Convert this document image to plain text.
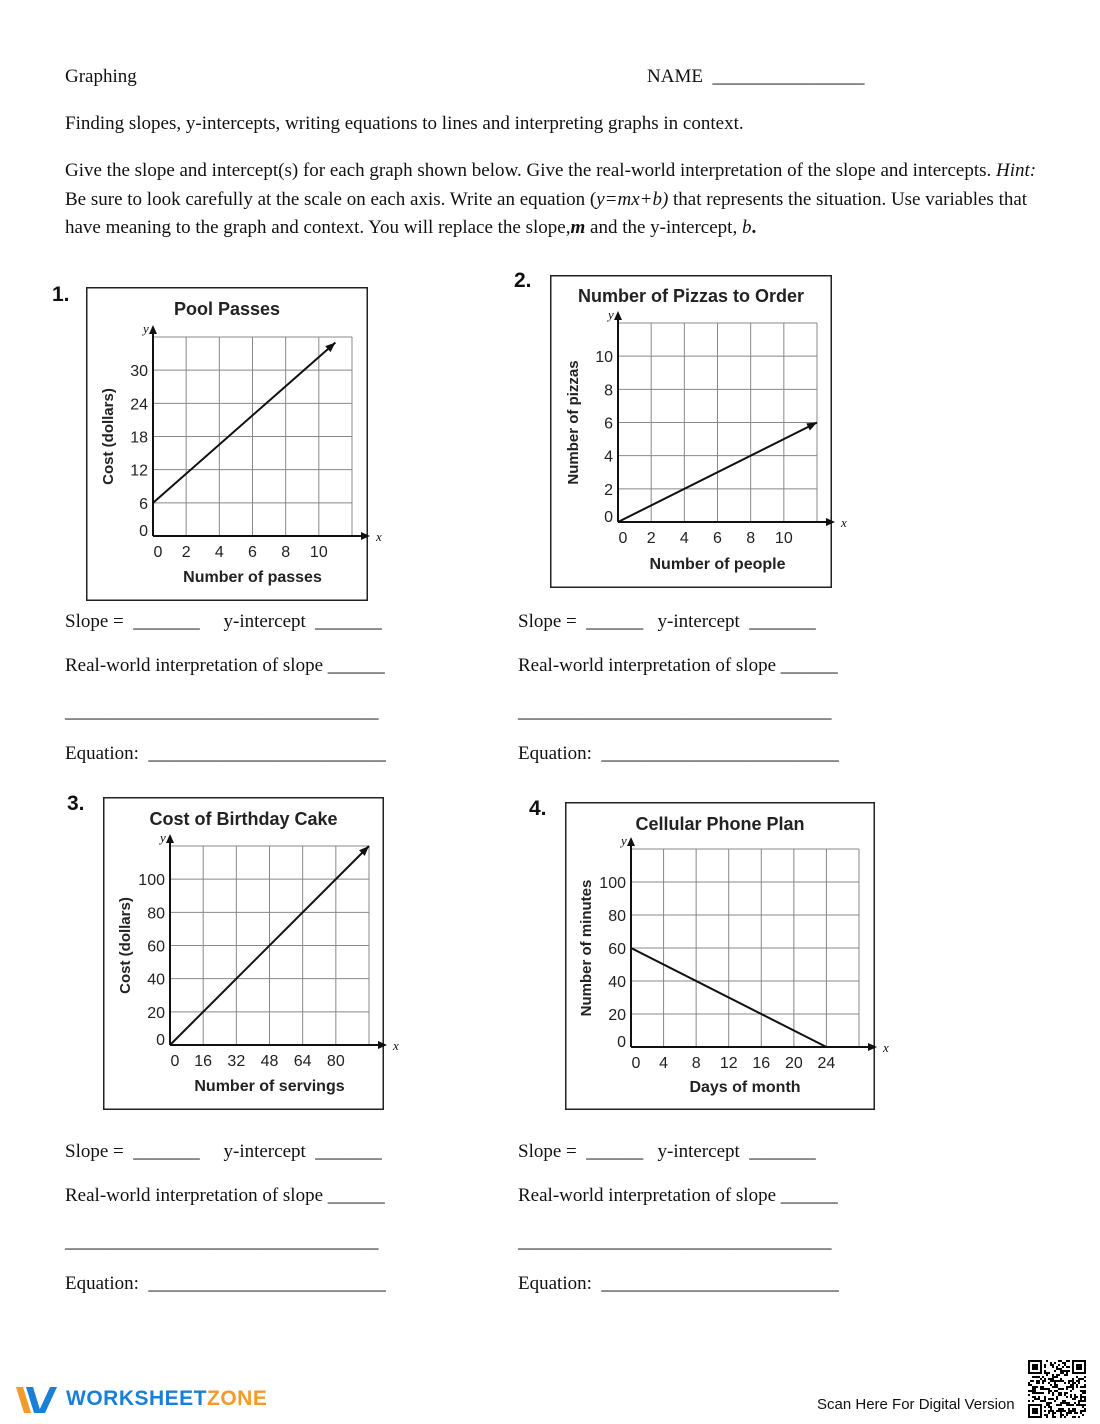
Graphing	NAME  ________________
Finding slopes, y-intercepts, writing equations to lines and interpreting graphs in context.
Give the slope and intercept(s) for each graph shown below. Give the real-world interpretation of the slope and intercepts. Hint: Be sure to look carefully at the scale on each axis. Write an equation (y=mx+b) that represents the situation. Use variables that have meaning to the graph and context. You will replace the slope,m and the y-intercept, b.
1.
2.
3.	4.
Pool Passes
x
y
0 2 4 6 8 10
0
6
12
18
24
30
Number of passes
Cost (dollars)
Number of Pizzas to Order
x
y
0 2 4 6 8 10
0
2
4
6
8
10
Number of people
Number of pizzas
Cost of Birthday Cake
x
y
0 16 32 48 64 80
0
20
40
60
80
100
Number of servings
Cost (dollars)
Cellular Phone Plan
x
y
0 4 8 12 16 20 24
0
20
40
60
80
100
Days of month
Number of minutes
Slope =  _______     y-intercept  _______
Real-world interpretation of slope ______
_________________________________
Equation:  _________________________
Slope =  ______   y-intercept  _______
Real-world interpretation of slope ______
_________________________________
Equation:  _________________________
Slope =  _______     y-intercept  _______
Real-world interpretation of slope ______
_________________________________
Equation:  _________________________
Slope =  ______   y-intercept  _______
Real-world interpretation of slope ______
_________________________________
Equation:  _________________________
WORKSHEETZONE	Scan Here For Digital Version
